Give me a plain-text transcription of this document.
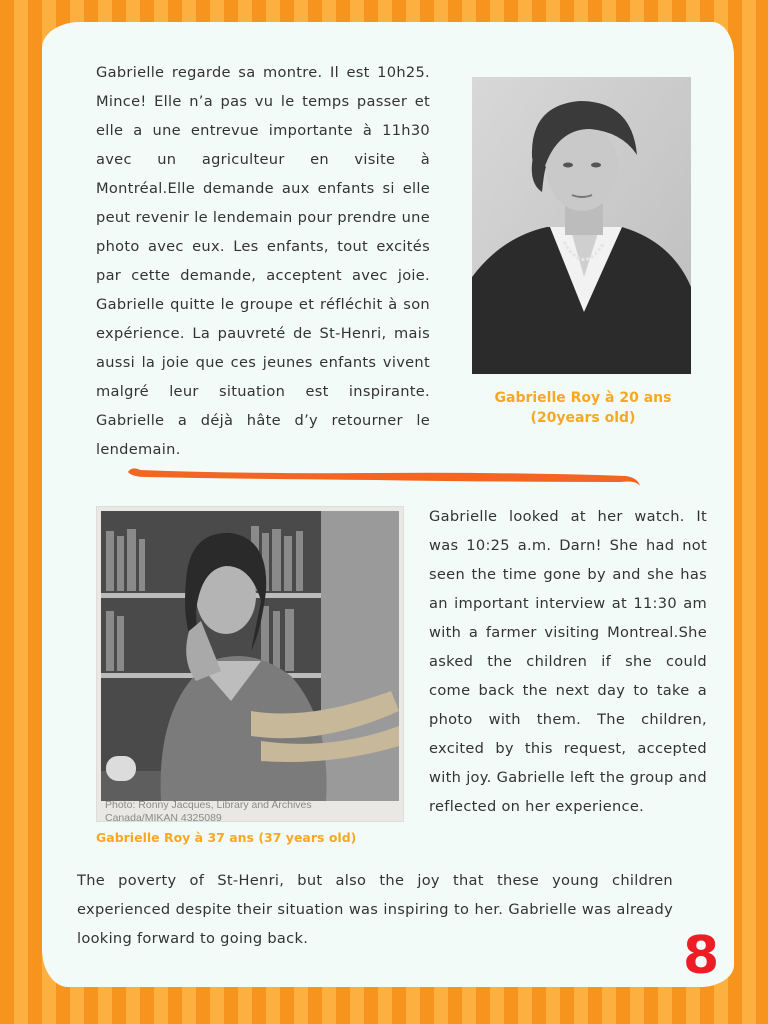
Gabrielle regarde sa montre. Il est 10h25. Mince! Elle n’a pas vu le temps passer et elle a une entrevue importante à 11h30 avec un agriculteur en visite à Montréal.Elle demande aux enfants si elle peut revenir le lendemain pour prendre une photo avec eux. Les enfants, tout excités par cette demande, acceptent avec joie. Gabrielle quitte le groupe et réfléchit à son expérience. La pauvreté de St-Henri, mais aussi la joie que ces jeunes enfants vivent malgré leur situation est inspirante. Gabrielle a déjà hâte d’y retourner le lendemain.

Gabrielle Roy à 20 ans
(20years old)
Photo: Ronny Jacques, Library and Archives
Canada/MIKAN 4325089
Gabrielle Roy à 37 ans (37 years old)

Gabrielle looked at her watch. It was 10:25 a.m. Darn! She had not seen the time gone by and she has an important interview at 11:30 am with a farmer visiting Montreal.She asked the children if she could come back the next day to take a photo with them. The children, excited by this request, accepted with joy. Gabrielle left the group and reflected on her experience.

The poverty of St-Henri, but also the joy that these young children experienced despite their situation was inspiring to her. Gabrielle was already looking forward to going back.	8
